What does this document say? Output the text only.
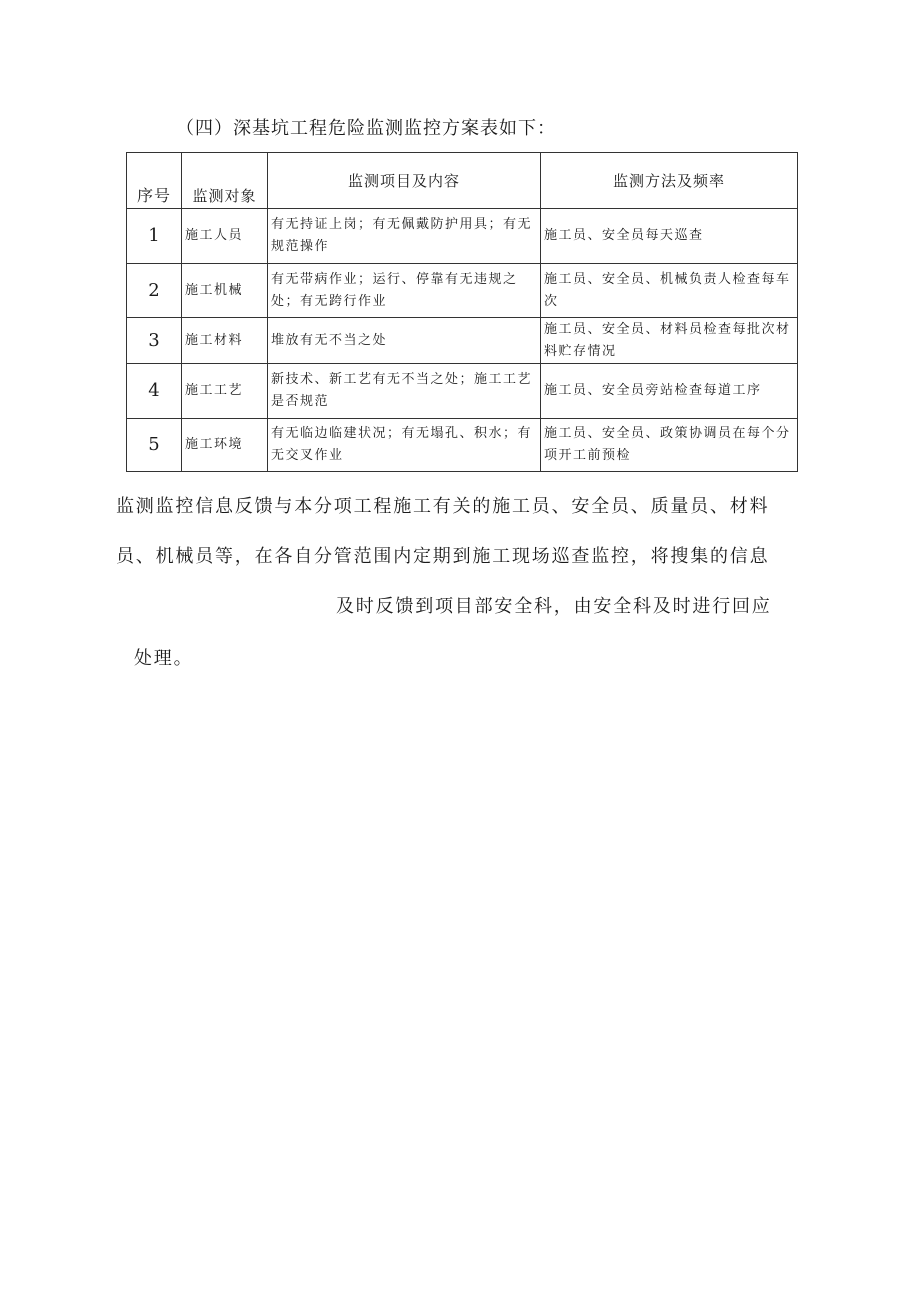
（四）深基坑工程危险监测监控方案表如下：
序号	监测对象	监测项目及内容	监测方法及频率
1	施工人员	有无持证上岗；有无佩戴防护用具；有无规范操作	施工员、安全员每天巡查
2	施工机械	有无带病作业；运行、停靠有无违规之处；有无跨行作业	施工员、安全员、机械负责人检查每车次
3	施工材料	堆放有无不当之处	施工员、安全员、材料员检查每批次材料贮存情况
4	施工工艺	新技术、新工艺有无不当之处；施工工艺是否规范	施工员、安全员旁站检查每道工序
5	施工环境	有无临边临建状况；有无塌孔、积水；有无交叉作业	施工员、安全员、政策协调员在每个分项开工前预检
监测监控信息反馈与本分项工程施工有关的施工员、安全员、质量员、材料
员、机械员等，在各自分管范围内定期到施工现场巡查监控，将搜集的信息
及时反馈到项目部安全科，由安全科及时进行回应
处理。
